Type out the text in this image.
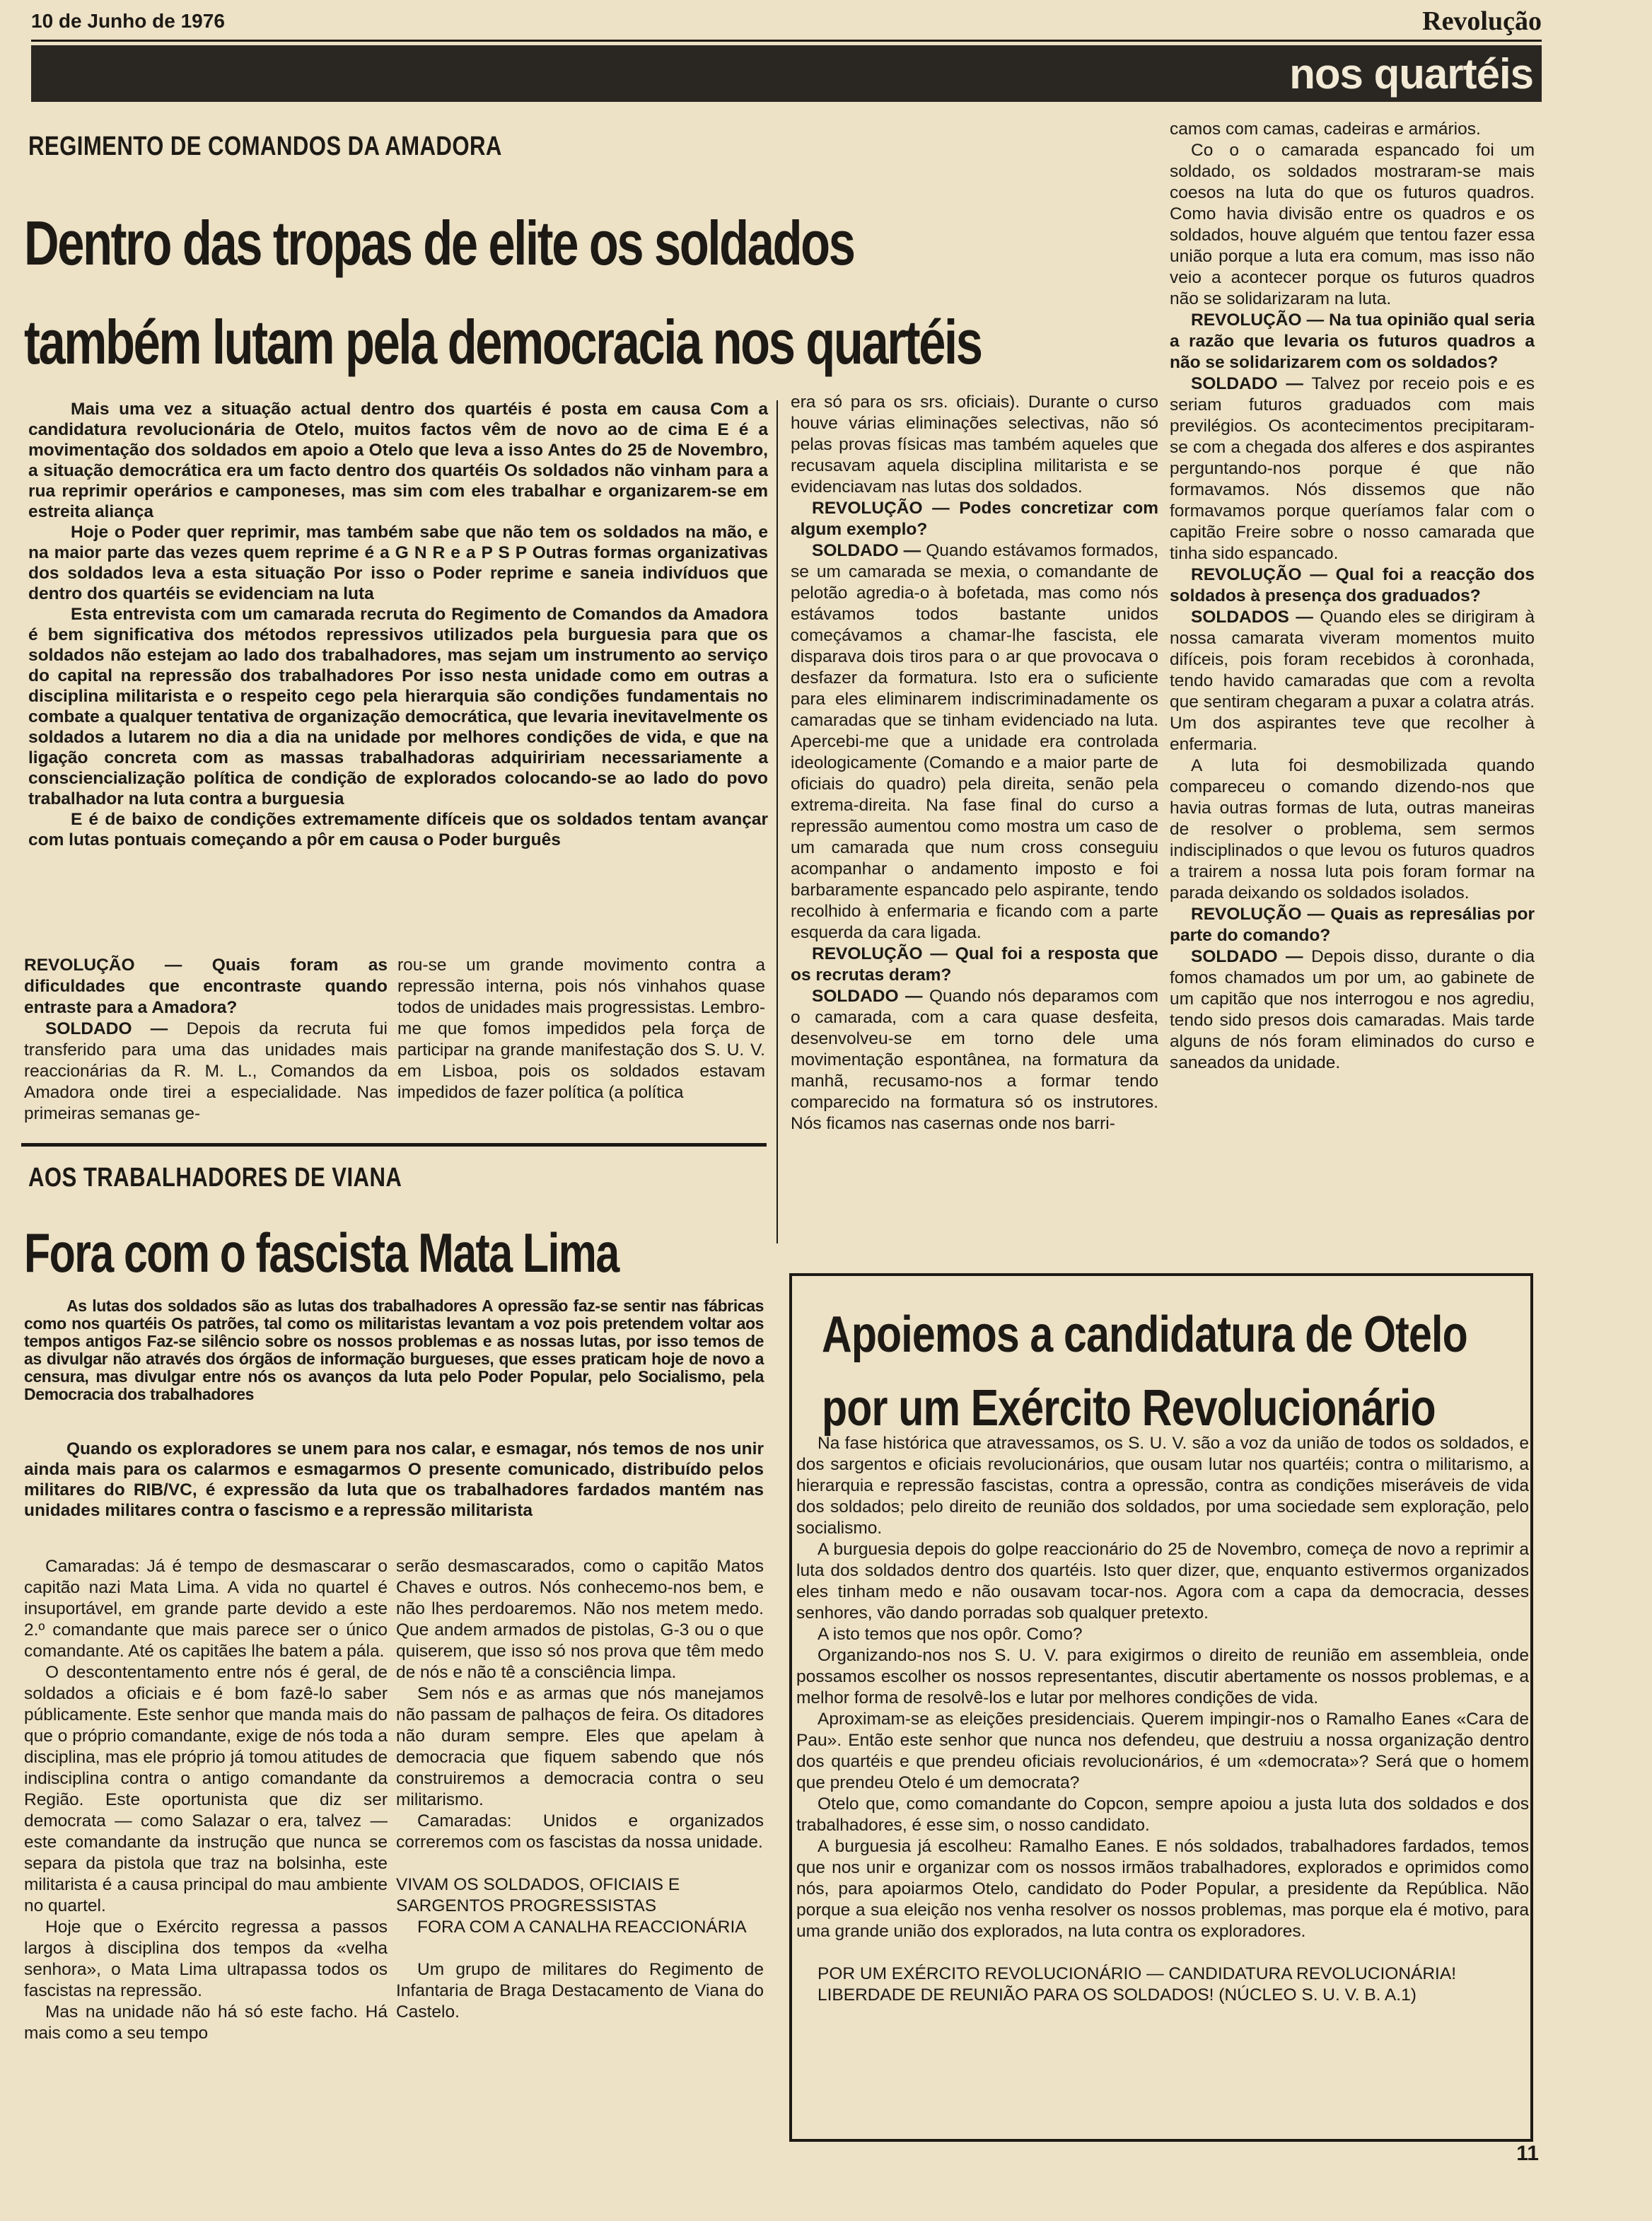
10 de Junho de 1976	Revolução
nos quartéis
REGIMENTO DE COMANDOS DA AMADORA
Dentro das tropas de elite os soldados
também lutam pela democracia nos quartéis

Mais uma vez a situação actual dentro dos quartéis é posta em causa Com a candidatura revolucionária de Otelo, muitos factos vêm de novo ao de cima E é a movimentação dos soldados em apoio a Otelo que leva a isso Antes do 25 de Novembro, a situação democrática era um facto dentro dos quartéis Os soldados não vinham para a rua reprimir operários e camponeses, mas sim com eles trabalhar e organizarem-se em estreita aliança

Hoje o Poder quer reprimir, mas também sabe que não tem os soldados na mão, e na maior parte das vezes quem reprime é a G N R e a P S P Outras formas organizativas dos soldados leva a esta situação Por isso o Poder reprime e saneia indivíduos que dentro dos quartéis se evidenciam na luta

Esta entrevista com um camarada recruta do Regimento de Comandos da Amadora é bem significativa dos métodos repressivos utilizados pela burguesia para que os soldados não estejam ao lado dos trabalhadores, mas sejam um instrumento ao serviço do capital na repressão dos trabalhadores Por isso nesta unidade como em outras a disciplina militarista e o respeito cego pela hierarquia são condições fundamentais no combate a qualquer tentativa de organização democrática, que levaria inevitavelmente os soldados a lutarem no dia a dia na unidade por melhores condições de vida, e que na ligação concreta com as massas trabalhadoras adquiririam necessariamente a consciencialização política de condição de explorados colocando-se ao lado do povo trabalhador na luta contra a burguesia

E é de baixo de condições extremamente difíceis que os soldados tentam avançar com lutas pontuais começando a pôr em causa o Poder burguês

REVOLUÇÃO — Quais foram as dificuldades que encontraste quando entraste para a Amadora?

SOLDADO — Depois da recruta fui transferido para uma das unidades mais reaccionárias da R. M. L., Comandos da Amadora onde tirei a especialidade. Nas primeiras semanas ge-

rou-se um grande movimento contra a repressão interna, pois nós vinhahos quase todos de unidades mais progressistas. Lembro-me que fomos impedidos pela força de participar na grande manifestação dos S. U. V. em Lisboa, pois os soldados estavam impedidos de fazer política (a política

era só para os srs. oficiais). Durante o curso houve várias eliminações selectivas, não só pelas provas físicas mas também aqueles que recusavam aquela disciplina militarista e se evidenciavam nas lutas dos soldados.

REVOLUÇÃO — Podes concretizar com algum exemplo?

SOLDADO — Quando estávamos formados, se um camarada se mexia, o comandante de pelotão agredia-o à bofetada, mas como nós estávamos todos bastante unidos começávamos a chamar-lhe fascista, ele disparava dois tiros para o ar que provocava o desfazer da formatura. Isto era o suficiente para eles eliminarem indiscriminadamente os camaradas que se tinham evidenciado na luta. Apercebi-me que a unidade era controlada ideologicamente (Comando e a maior parte de oficiais do quadro) pela direita, senão pela extrema-direita. Na fase final do curso a repressão aumentou como mostra um caso de um camarada que num cross conseguiu acompanhar o andamento imposto e foi barbaramente espancado pelo aspirante, tendo recolhido à enfermaria e ficando com a parte esquerda da cara ligada.

REVOLUÇÃO — Qual foi a resposta que os recrutas deram?

SOLDADO — Quando nós deparamos com o camarada, com a cara quase desfeita, desenvolveu-se em torno dele uma movimentação espontânea, na formatura da manhã, recusamo-nos a formar tendo comparecido na formatura só os instrutores. Nós ficamos nas casernas onde nos barri-

camos com camas, cadeiras e armários.

Co o o camarada espancado foi um soldado, os soldados mostraram-se mais coesos na luta do que os futuros quadros. Como havia divisão entre os quadros e os soldados, houve alguém que tentou fazer essa união porque a luta era comum, mas isso não veio a acontecer porque os futuros quadros não se solidarizaram na luta.

REVOLUÇÃO — Na tua opinião qual seria a razão que levaria os futuros quadros a não se solidarizarem com os soldados?

SOLDADO — Talvez por receio pois e es seriam futuros graduados com mais previlégios. Os acontecimentos precipitaram-se com a chegada dos alferes e dos aspirantes perguntando-nos porque é que não formavamos. Nós dissemos que não formavamos porque queríamos falar com o capitão Freire sobre o nosso camarada que tinha sido espancado.

REVOLUÇÃO — Qual foi a reacção dos soldados à presença dos graduados?

SOLDADOS — Quando eles se dirigiram à nossa camarata viveram momentos muito difíceis, pois foram recebidos à coronhada, tendo havido camaradas que com a revolta que sentiram chegaram a puxar a colatra atrás. Um dos aspirantes teve que recolher à enfermaria.

A luta foi desmobilizada quando compareceu o comando dizendo-nos que havia outras formas de luta, outras maneiras de resolver o problema, sem sermos indisciplinados o que levou os futuros quadros a trairem a nossa luta pois foram formar na parada deixando os soldados isolados.

REVOLUÇÃO — Quais as represálias por parte do comando?

SOLDADO — Depois disso, durante o dia fomos chamados um por um, ao gabinete de um capitão que nos interrogou e nos agrediu, tendo sido presos dois camaradas. Mais tarde alguns de nós foram eliminados do curso e saneados da unidade.

AOS TRABALHADORES DE VIANA
Fora com o fascista Mata Lima

As lutas dos soldados são as lutas dos trabalhadores A opressão faz-se sentir nas fábricas como nos quartéis Os patrões, tal como os militaristas levantam a voz pois pretendem voltar aos tempos antigos Faz-se silêncio sobre os nossos problemas e as nossas lutas, por isso temos de as divulgar não através dos órgãos de informação burgueses, que esses praticam hoje de novo a censura, mas divulgar entre nós os avanços da luta pelo Poder Popular, pelo Socialismo, pela Democracia dos trabalhadores

Quando os exploradores se unem para nos calar, e esmagar, nós temos de nos unir ainda mais para os calarmos e esmagarmos O presente comunicado, distribuído pelos militares do RIB/VC, é expressão da luta que os trabalhadores fardados mantém nas unidades militares contra o fascismo e a repressão militarista

Camaradas: Já é tempo de desmascarar o capitão nazi Mata Lima. A vida no quartel é insuportável, em grande parte devido a este 2.º comandante que mais parece ser o único comandante. Até os capitães lhe batem a pála.

O descontentamento entre nós é geral, de soldados a oficiais e é bom fazê-lo saber públicamente. Este senhor que manda mais do que o próprio comandante, exige de nós toda a disciplina, mas ele próprio já tomou atitudes de indisciplina contra o antigo comandante da Região. Este oportunista que diz ser democrata — como Salazar o era, talvez — este comandante da instrução que nunca se separa da pistola que traz na bolsinha, este militarista é a causa principal do mau ambiente no quartel.

Hoje que o Exército regressa a passos largos à disciplina dos tempos da «velha senhora», o Mata Lima ultrapassa todos os fascistas na repressão.

Mas na unidade não há só este facho. Há mais como a seu tempo

serão desmascarados, como o capitão Matos Chaves e outros. Nós conhecemo-nos bem, e não lhes perdoaremos. Não nos metem medo. Que andem armados de pistolas, G-3 ou o que quiserem, que isso só nos prova que têm medo de nós e não tê a consciência limpa.

Sem nós e as armas que nós manejamos não passam de palhaços de feira. Os ditadores não duram sempre. Eles que apelam à democracia que fiquem sabendo que nós construiremos a democracia contra o seu militarismo.

Camaradas: Unidos e organizados correremos com os fascistas da nossa unidade.

VIVAM OS SOLDADOS, OFICIAIS E SARGENTOS PROGRESSISTAS

FORA COM A CANALHA REACCIONÁRIA

Um grupo de militares do Regimento de Infantaria de Braga Destacamento de Viana do Castelo.

Apoiemos a candidatura de Otelo
por um Exército Revolucionário

Na fase histórica que atravessamos, os S. U. V. são a voz da união de todos os soldados, e dos sargentos e oficiais revolucionários, que ousam lutar nos quartéis; contra o militarismo, a hierarquia e repressão fascistas, contra a opressão, contra as condições miseráveis de vida dos soldados; pelo direito de reunião dos soldados, por uma sociedade sem exploração, pelo socialismo.

A burguesia depois do golpe reaccionário do 25 de Novembro, começa de novo a reprimir a luta dos soldados dentro dos quartéis. Isto quer dizer, que, enquanto estivermos organizados eles tinham medo e não ousavam tocar-nos. Agora com a capa da democracia, desses senhores, vão dando porradas sob qualquer pretexto.

A isto temos que nos opôr. Como?

Organizando-nos nos S. U. V. para exigirmos o direito de reunião em assembleia, onde possamos escolher os nossos representantes, discutir abertamente os nossos problemas, e a melhor forma de resolvê-los e lutar por melhores condições de vida.

Aproximam-se as eleições presidenciais. Querem impingir-nos o Ramalho Eanes «Cara de Pau». Então este senhor que nunca nos defendeu, que destruiu a nossa organização dentro dos quartéis e que prendeu oficiais revolucionários, é um «democrata»? Será que o homem que prendeu Otelo é um democrata?

Otelo que, como comandante do Copcon, sempre apoiou a justa luta dos soldados e dos trabalhadores, é esse sim, o nosso candidato.

A burguesia já escolheu: Ramalho Eanes. E nós soldados, trabalhadores fardados, temos que nos unir e organizar com os nossos irmãos trabalhadores, explorados e oprimidos como nós, para apoiarmos Otelo, candidato do Poder Popular, a presidente da República. Não porque a sua eleição nos venha resolver os nossos problemas, mas porque ela é motivo, para uma grande união dos explorados, na luta contra os exploradores.

POR UM EXÉRCITO REVOLUCIONÁRIO — CANDIDATURA REVOLUCIONÁRIA!

LIBERDADE DE REUNIÃO PARA OS SOLDADOS! (NÚCLEO S. U. V. B. A.1)

11
